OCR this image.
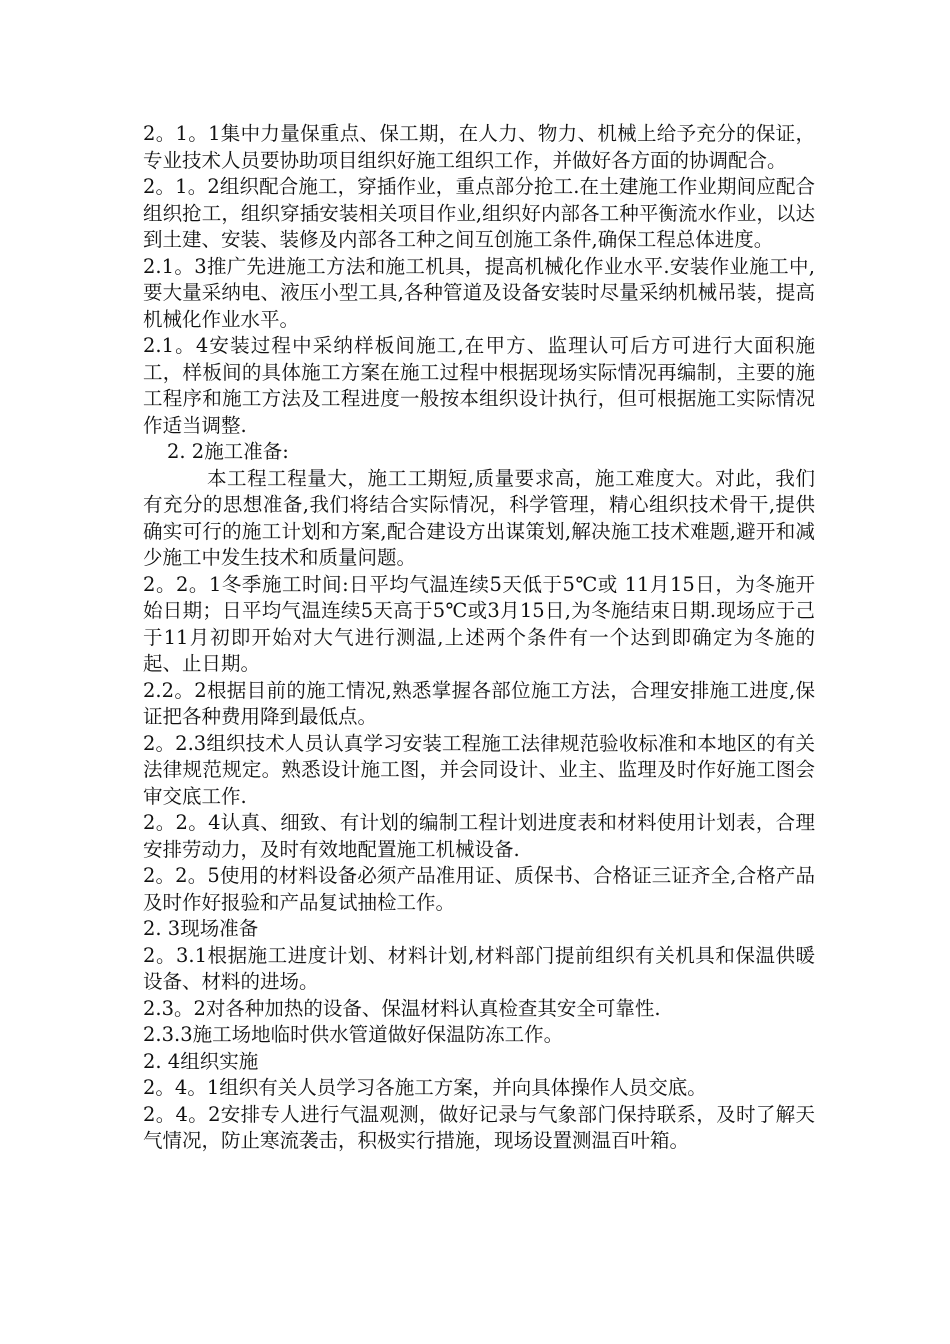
2。1。1集中力量保重点、保工期，在人力、物力、机械上给予充分的保证，专业技术人员要协助项目组织好施工组织工作，并做好各方面的协调配合。

2。1。2组织配合施工，穿插作业，重点部分抢工.在土建施工作业期间应配合组织抢工，组织穿插安装相关项目作业,组织好内部各工种平衡流水作业，以达到土建、安装、装修及内部各工种之间互创施工条件,确保工程总体进度。

2.1。3推广先进施工方法和施工机具，提高机械化作业水平.安装作业施工中,要大量采纳电、液压小型工具,各种管道及设备安装时尽量采纳机械吊装，提高机械化作业水平。

2.1。4安装过程中采纳样板间施工,在甲方、监理认可后方可进行大面积施工，样板间的具体施工方案在施工过程中根据现场实际情况再编制，主要的施工程序和施工方法及工程进度一般按本组织设计执行，但可根据施工实际情况作适当调整.

2. 2施工准备:

本工程工程量大，施工工期短,质量要求高，施工难度大。对此，我们有充分的思想准备,我们将结合实际情况，科学管理，精心组织技术骨干,提供确实可行的施工计划和方案,配合建设方出谋策划,解决施工技术难题,避开和减少施工中发生技术和质量问题。

2。2。1冬季施工时间:日平均气温连续5天低于5℃或 11月15日，为冬施开始日期；日平均气温连续5天高于5℃或3月15日,为冬施结束日期.现场应于己于11月初即开始对大气进行测温,上述两个条件有一个达到即确定为冬施的起、止日期。

2.2。2根据目前的施工情况,熟悉掌握各部位施工方法，合理安排施工进度,保证把各种费用降到最低点。

2。2.3组织技术人员认真学习安装工程施工法律规范验收标准和本地区的有关法律规范规定。熟悉设计施工图，并会同设计、业主、监理及时作好施工图会审交底工作.

2。2。4认真、细致、有计划的编制工程计划进度表和材料使用计划表，合理安排劳动力，及时有效地配置施工机械设备.

2。2。5使用的材料设备必须产品准用证、质保书、合格证三证齐全,合格产品及时作好报验和产品复试抽检工作。

2. 3现场准备

2。3.1根据施工进度计划、材料计划,材料部门提前组织有关机具和保温供暖设备、材料的进场。

2.3。2对各种加热的设备、保温材料认真检查其安全可靠性.

2.3.3施工场地临时供水管道做好保温防冻工作。

2. 4组织实施

2。4。1组织有关人员学习各施工方案，并向具体操作人员交底。

2。4。2安排专人进行气温观测，做好记录与气象部门保持联系，及时了解天气情况，防止寒流袭击，积极实行措施，现场设置测温百叶箱。
